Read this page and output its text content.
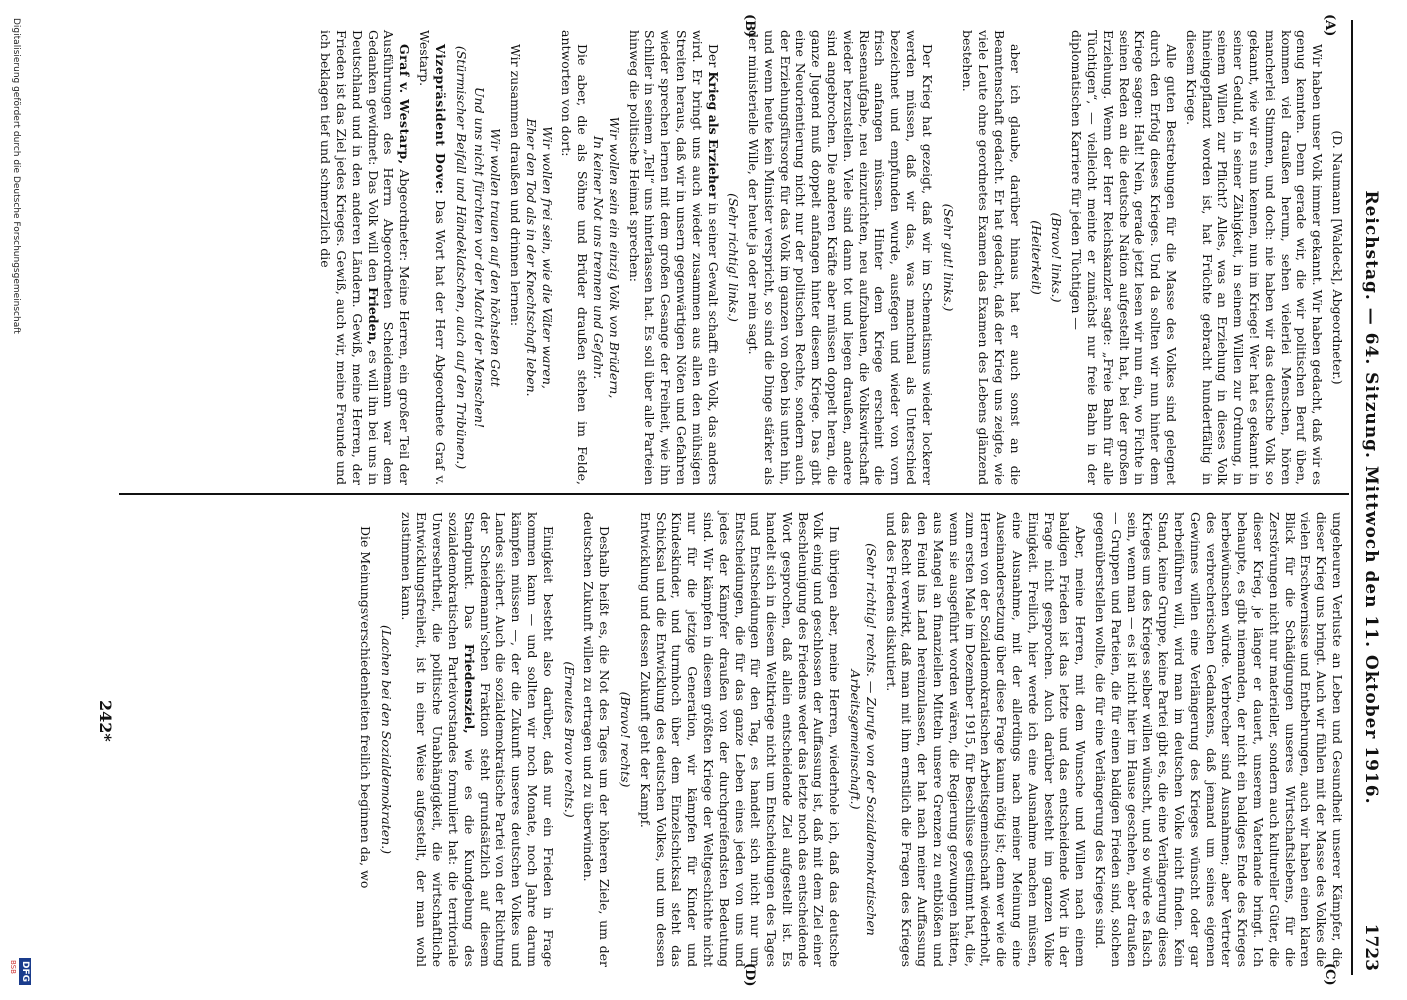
Reichstag. — 64. Sitzung. Mittwoch den 11. Oktober 1916.
1723
(A)
(B)
(C)
(D)

(D. Naumann [Waldeck], Abgeordneter.)

Wir haben unser Volk immer gekannt. Wir haben gedacht, daß wir es genug kennten. Denn gerade wir, die wir politischen Beruf üben, kommen viel draußen herum, sehen vielerlei Menschen, hören mancherlei Stimmen, und doch: nie haben wir das deutsche Volk so gekannt, wie wir es nun kennen, nun im Kriege! Wer hat es gekannt in seiner Geduld, in seiner Zähigkeit, in seinem Willen zur Ordnung, in seinem Willen zur Pflicht? Alles, was an Erziehung in dieses Volk hineingepflanzt worden ist, hat Früchte gebracht hundertfältig in diesem Kriege.

Alle guten Bestrebungen für die Masse des Volkes sind gelegnet durch den Erfolg dieses Krieges. Und da sollten wir nun hinter dem Kriege sagen: Halt! Nein, gerade jetzt lesen wir nun ein, wo Fichte in seinen Reden an die deutsche Nation aufgestellt hat, bei der großen Erziehung. Wenn der Herr Reichskanzler sagte: „Freie Bahn für alle Tüchtigen“, — vielleicht meinte er zunächst nur freie Bahn in der diplomatischen Karriere für jeden Tüchtigen —

(Bravo! links.)
(Heiterkeit)

aber ich glaube, darüber hinaus hat er auch sonst an die Beamtenschaft gedacht. Er hat gedacht, daß der Krieg uns zeigte, wie viele Leute ohne geordnetes Examen das Examen des Lebens glänzend bestehen.

(Sehr gut! links.)

Der Krieg hat gezeigt, daß wir im Schematismus wieder lockerer werden müssen, daß wir das, was manchmal als Unterschied bezeichnet und empfunden wurde, ausfegen und wieder von vorn frisch anfangen müssen. Hinter dem Kriege erscheint die Riesenaufgabe, neu einzurichten, neu aufzubauen, die Volkswirtschaft wieder herzustellen. Viele sind dann tot und liegen draußen, andere sind angebrochen. Die anderen Kräfte aber müssen doppelt heran, die ganze Jugend muß doppelt anfangen hinter diesem Kriege. Das gibt eine Neuorientierung nicht nur der politischen Rechte, sondern auch der Erziehungsfürsorge für das Volk im ganzen von oben bis unten hin, und wenn heute kein Minister verspricht, so sind die Dinge stärker als der ministerielle Wille, der heute ja oder nein sagt.

(Sehr richtig! links.)

Der Krieg als Erzieher in seiner Gewalt schafft ein Volk, das anders wird. Er bringt uns auch wieder zusammen aus allen den mühsigen Streiten heraus, daß wir in unsern gegenwärtigen Nöten und Gefahren wieder sprechen lernen mit dem großen Gesange der Freiheit, wie ihn Schiller in seinem „Tell“ uns hinterlassen hat. Es soll über alle Parteien hinweg die politische Heimat sprechen:

Wir wollen sein ein einzig Volk von Brüdern,
In keiner Not uns trennen und Gefahr.

Die aber, die als Söhne und Brüder draußen stehen im Felde, antworten von dort:

Wir wollen frei sein, wie die Väter waren,
Eher den Tod als in der Knechtschaft leben.

Wir zusammen draußen und drinnen lernen:

Wir wollen trauen auf den höchsten Gott
Und uns nicht fürchten vor der Macht der Menschen!
(Stürmischer Beifall und Händeklatschen, auch auf den Tribünen.)

Vizepräsident Dove: Das Wort hat der Herr Abgeordnete Graf v. Westarp.

Graf v. Westarp, Abgeordneter: Meine Herren, ein großer Teil der Ausführungen des Herrn Abgeordneten Scheidemann war dem Gedanken gewidmet: Das Volk will den Frieden, es will ihn bei uns in Deutschland und in den anderen Ländern. Gewiß, meine Herren, der Frieden ist das Ziel jedes Krieges. Gewiß, auch wir, meine Freunde und ich beklagen tief und schmerzlich die

ungeheuren Verluste an Leben und Gesundheit unserer Kämpfer, die dieser Krieg uns bringt. Auch wir fühlen mit der Masse des Volkes die vielen Erschwernisse und Entbehrungen, auch wir haben einen klaren Blick für die Schädigungen unseres Wirtschaftslebens, für die Zerstörungen nicht nur materieller, sondern auch kultureller Güter, die dieser Krieg, je länger er dauert, unserem Vaterlande bringt. Ich behaupte, es gibt niemanden, der nicht ein baldiges Ende des Krieges herbeiwünschen würde. Verbrecher sind Ausnahmen; aber Vertreter des verbrecherischen Gedankens, daß jemand um seines eigenen Gewinnes willen eine Verlängerung des Krieges wünscht oder gar herbeiführen will, wird man im deutschen Volke nicht finden. Kein Stand, keine Gruppe, keine Partei gibt es, die eine Verlängerung dieses Krieges um des Krieges selber willen wünscht, und so würde es falsch sein, wenn man — es ist nicht hier im Hause geschehen, aber draußen — Gruppen und Parteien, die für einen baldigen Frieden sind, solchen gegenüberstellen wollte, die für eine Verlängerung des Krieges sind.

Aber, meine Herren, mit dem Wunsche und Willen nach einem baldigen Frieden ist das letzte und das entscheidende Wort in der Frage nicht gesprochen. Auch darüber besteht im ganzen Volke Einigkeit. Freilich, hier werde ich eine Ausnahme machen müssen, eine Ausnahme, mit der allerdings nach meiner Meinung eine Auseinandersetzung über diese Frage kaum nötig ist; denn wer wie die Herren von der Sozialdemokratischen Arbeitsgemeinschaft wiederholt, zum ersten Male im Dezember 1915, für Beschlüsse gestimmt hat, die, wenn sie ausgeführt worden wären, die Regierung gezwungen hätten, aus Mangel an finanziellen Mitteln unsere Grenzen zu entblößen und den Feind ins Land hereinzulassen, der hat nach meiner Auffassung das Recht verwirkt, daß man mit ihm ernstlich die Fragen des Krieges und des Friedens diskutiert.

(Sehr richtig! rechts. — Zurufe von der Sozialdemokratischen Arbeitsgemeinschaft.)

Im übrigen aber, meine Herren, wiederhole ich, daß das deutsche Volk einig und geschlossen der Auffassung ist, daß mit dem Ziel einer Beschleunigung des Friedens weder das letzte noch das entscheidende Wort gesprochen, daß allein entscheidende Ziel aufgestellt ist. Es handelt sich in diesem Weltkriege nicht um Entscheidungen des Tages und Entscheidungen für den Tag, es handelt sich nicht nur um Entscheidungen, die für das ganze Leben eines jeden von uns und jedes der Kämpfer draußen von der durchgreifendsten Bedeutung sind. Wir kämpfen in diesem größten Kriege der Weltgeschichte nicht nur für die jetzige Generation, wir kämpfen für Kinder und Kindeskinder, und turmhoch über dem Einzelschicksal steht das Schicksal und die Entwicklung des deutschen Volkes, und um dessen Entwicklung und dessen Zukunft geht der Kampf.

(Bravo! rechts)

Deshalb heißt es, die Not des Tages um der höheren Ziele, um der deutschen Zukunft willen zu ertragen und zu überwinden.

(Erneutes Bravo rechts.)

Einigkeit besteht also darüber, daß nur ein Frieden in Frage kommen kann — und sollten wir noch Monate, noch Jahre darum kämpfen müssen —, der die Zukunft unseres deutschen Volkes und Landes sichert. Auch die sozialdemokratische Partei von der Richtung der Scheidemann'schen Fraktion steht grundsätzlich auf diesem Standpunkt. Das Friedensziel, wie es die Kundgebung des sozialdemokratischen Parteivorstandes formuliert hat: die territoriale Unversehrtheit, die politische Unabhängigkeit, die wirtschaftliche Entwicklungsfreiheit, ist in einer Weise aufgestellt, der man wohl zustimmen kann.

(Lachen bei den Sozialdemokraten.)

Die Meinungsverschiedenheiten freilich beginnen da, wo

242*
Digitalisierung gefördert durch die Deutsche Forschungsgemeinschaft
DFG
BSB
